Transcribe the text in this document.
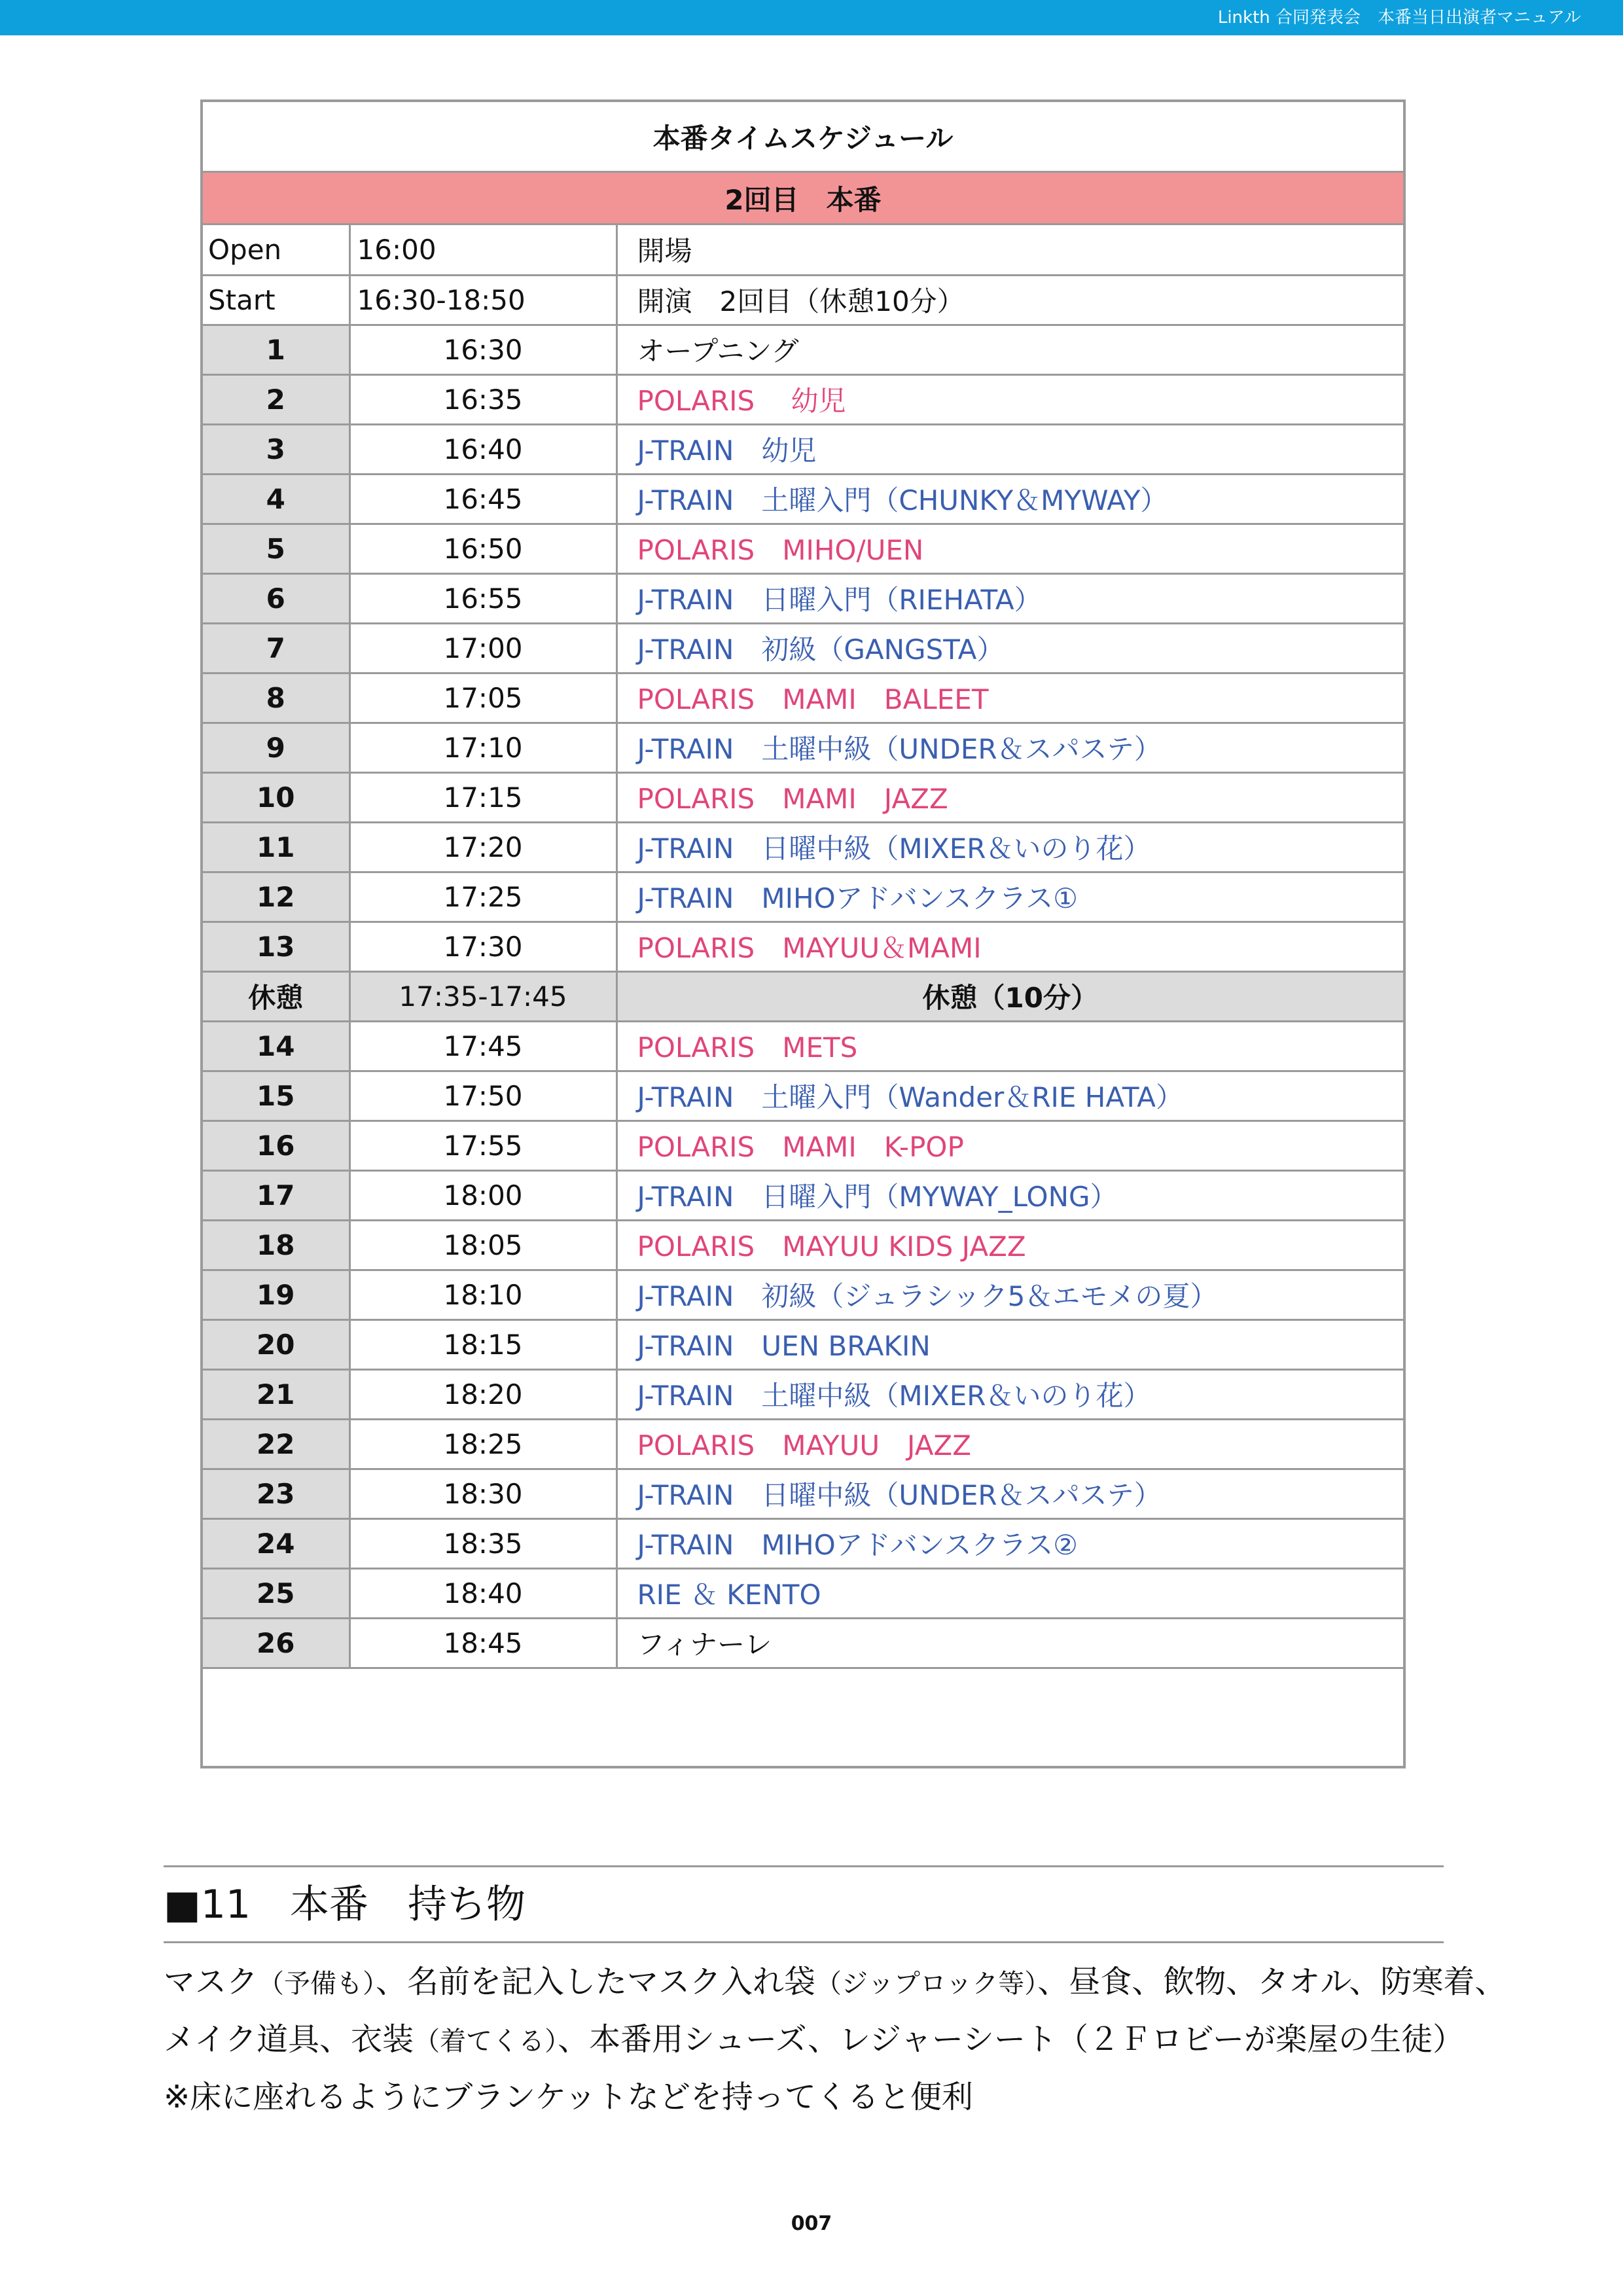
Linkth 合同発表会　本番当日出演者マニュアル
本番タイムスケジュール
2回目　本番
Open	16:00	開場
Start	16:30-18:50	開演　2回目（休憩10分）
1	16:30	オープニング
2	16:35	POLARIS　 幼児
3	16:40	J-TRAIN　幼児
4	16:45	J-TRAIN　土曜入門（CHUNKY＆MYWAY）
5	16:50	POLARIS　MIHO/UEN
6	16:55	J-TRAIN　日曜入門（RIEHATA）
7	17:00	J-TRAIN　初級（GANGSTA）
8	17:05	POLARIS　MAMI　BALEET
9	17:10	J-TRAIN　土曜中級（UNDER＆スパステ）
10	17:15	POLARIS　MAMI　JAZZ
11	17:20	J-TRAIN　日曜中級（MIXER＆いのり花）
12	17:25	J-TRAIN　MIHOアドバンスクラス①
13	17:30	POLARIS　MAYUU＆MAMI
休憩	17:35-17:45	休憩（10分）
14	17:45	POLARIS　METS
15	17:50	J-TRAIN　土曜入門（Wander＆RIE HATA）
16	17:55	POLARIS　MAMI　K-POP
17	18:00	J-TRAIN　日曜入門（MYWAY_LONG）
18	18:05	POLARIS　MAYUU KIDS JAZZ
19	18:10	J-TRAIN　初級（ジュラシック5＆エモメの夏）
20	18:15	J-TRAIN　UEN BRAKIN
21	18:20	J-TRAIN　土曜中級（MIXER＆いのり花）
22	18:25	POLARIS　MAYUU　JAZZ
23	18:30	J-TRAIN　日曜中級（UNDER＆スパステ）
24	18:35	J-TRAIN　MIHOアドバンスクラス②
25	18:40	RIE ＆ KENTO
26	18:45	フィナーレ
■11　本番　持ち物
マスク（予備も）、名前を記入したマスク入れ袋（ジップロック等）、昼食、飲物、タオル、防寒着、
メイク道具、衣装（着てくる）、本番用シューズ、レジャーシート（２Ｆロビーが楽屋の生徒）
※床に座れるようにブランケットなどを持ってくると便利
007
